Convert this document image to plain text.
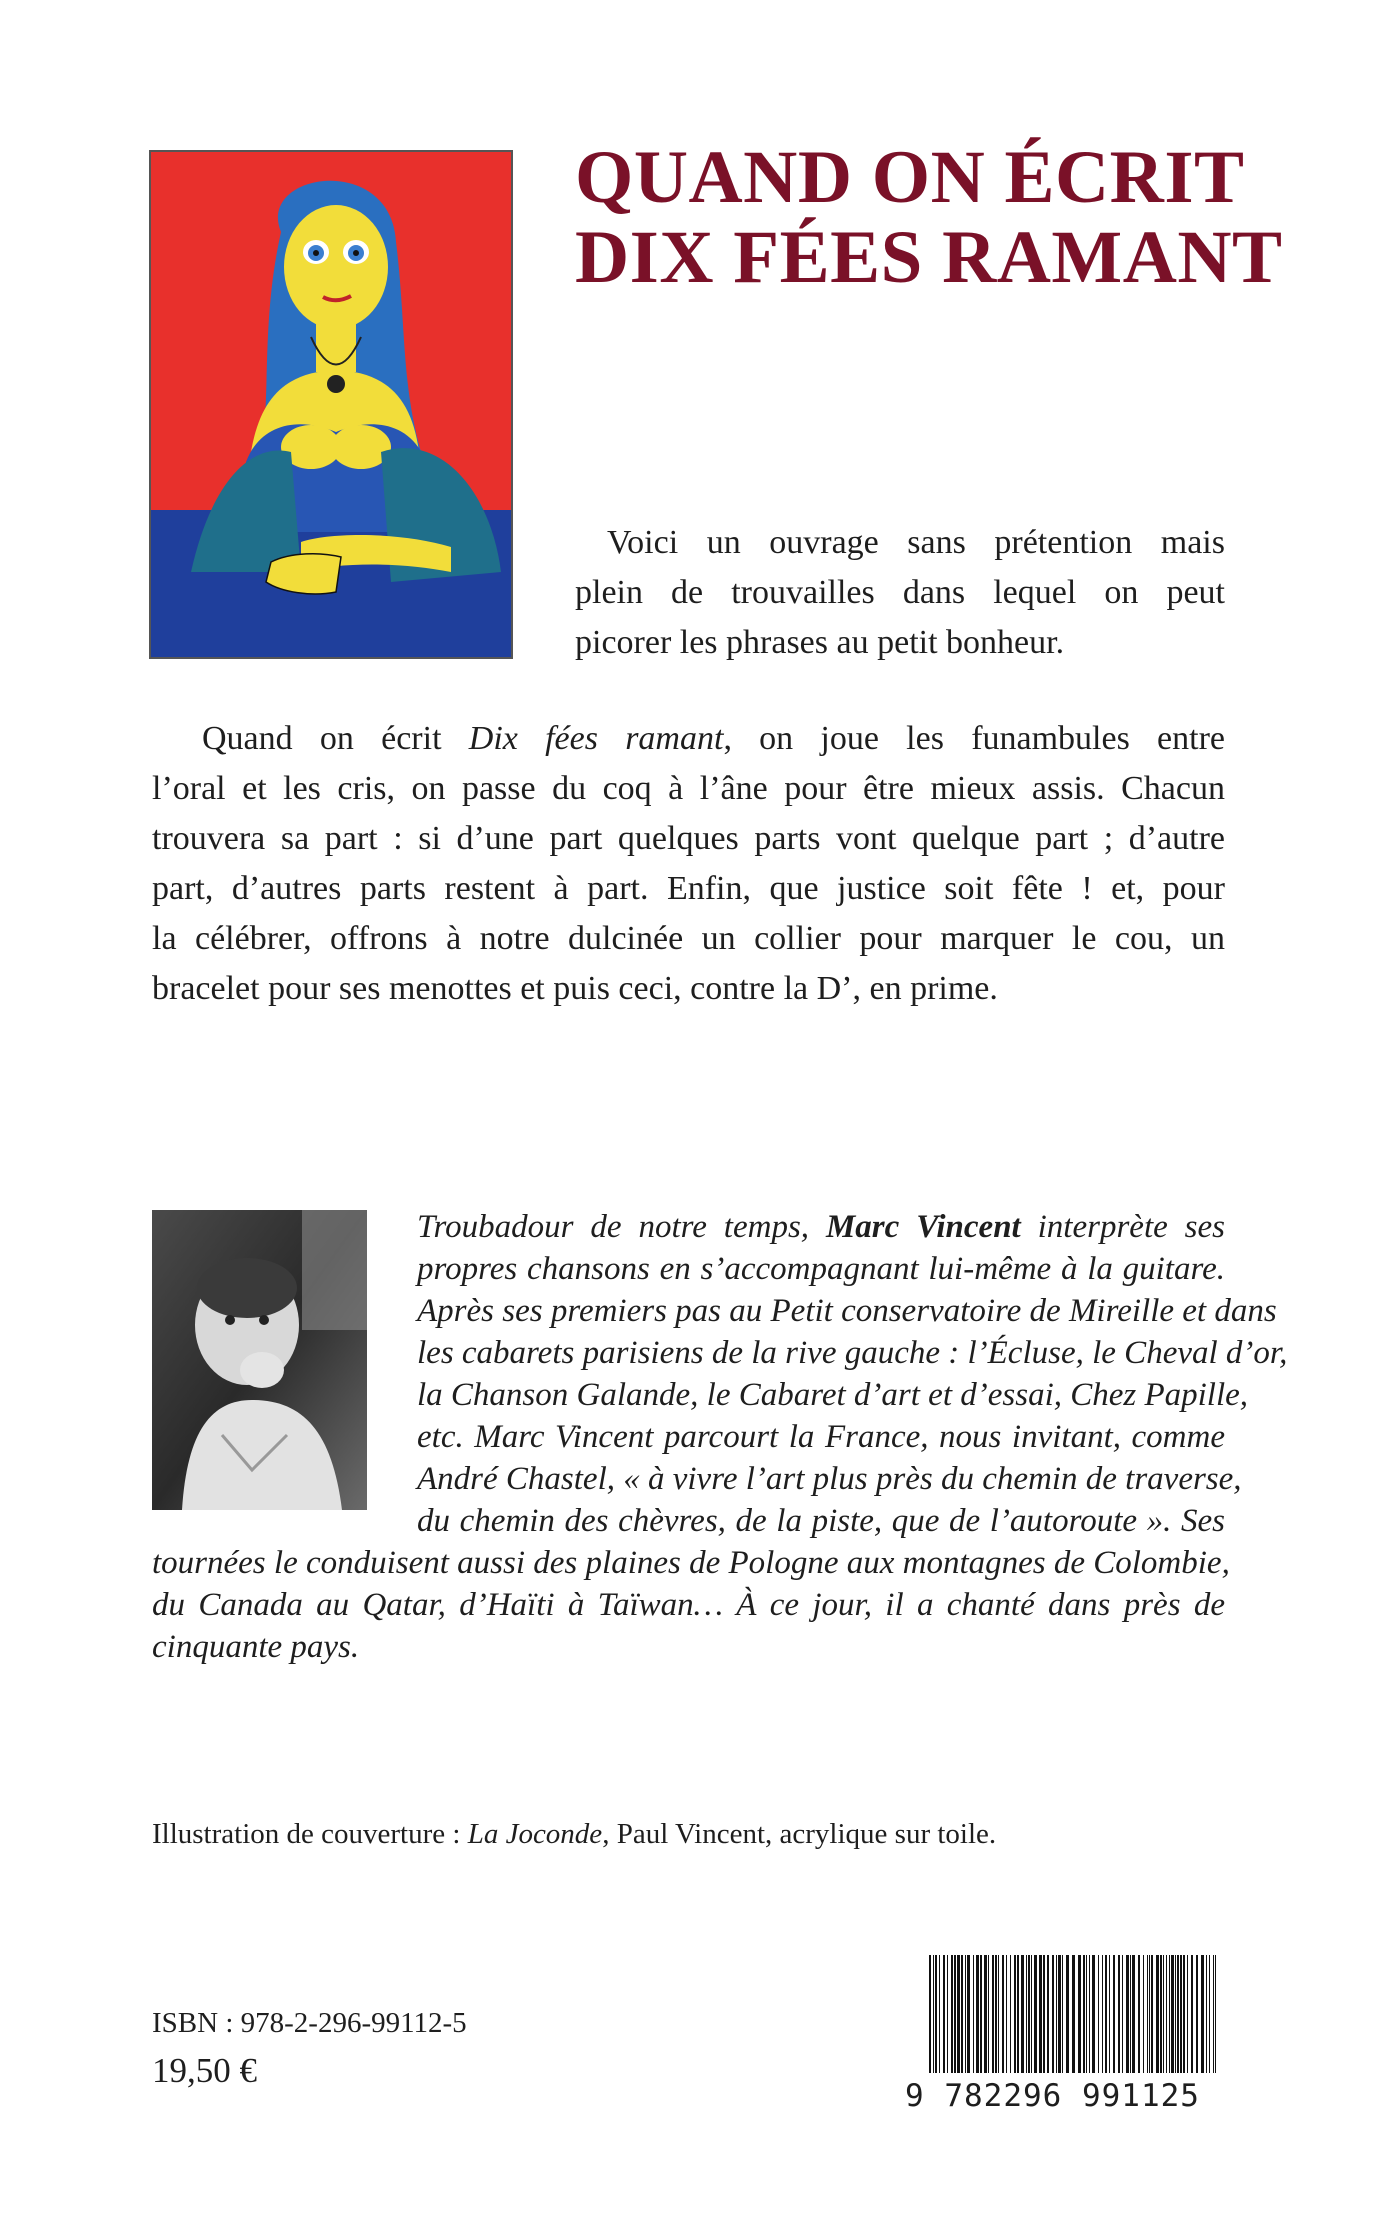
QUAND ON ÉCRIT
DIX FÉES RAMANT
Voici un ouvrage sans prétention mais
plein de trouvailles dans lequel on peut
picorer les phrases au petit bonheur.
Quand on écrit Dix fées ramant, on joue les funambules entre
l’oral et les cris, on passe du coq à l’âne pour être mieux assis. Chacun
trouvera sa part : si d’une part quelques parts vont quelque part ; d’autre
part, d’autres parts restent à part. Enfin, que justice soit fête ! et, pour
la célébrer, offrons à notre dulcinée un collier pour marquer le cou, un
bracelet pour ses menottes et puis ceci, contre la D’, en prime.
Troubadour de notre temps, Marc Vincent interprète ses
propres chansons en s’accompagnant lui-même à la guitare.
Après ses premiers pas au Petit conservatoire de Mireille et dans
les cabarets parisiens de la rive gauche : l’Écluse, le Cheval d’or,
la Chanson Galande, le Cabaret d’art et d’essai, Chez Papille,
etc. Marc Vincent parcourt la France, nous invitant, comme
André Chastel, « à vivre l’art plus près du chemin de traverse,
du chemin des chèvres, de la piste, que de l’autoroute ». Ses
tournées le conduisent aussi des plaines de Pologne aux montagnes de Colombie,
du Canada au Qatar, d’Haïti à Taïwan… À ce jour, il a chanté dans près de
cinquante pays.
Illustration de couverture : La Joconde, Paul Vincent, acrylique sur toile.
ISBN : 978-2-296-99112-5
19,50 €
9 782296 991125
